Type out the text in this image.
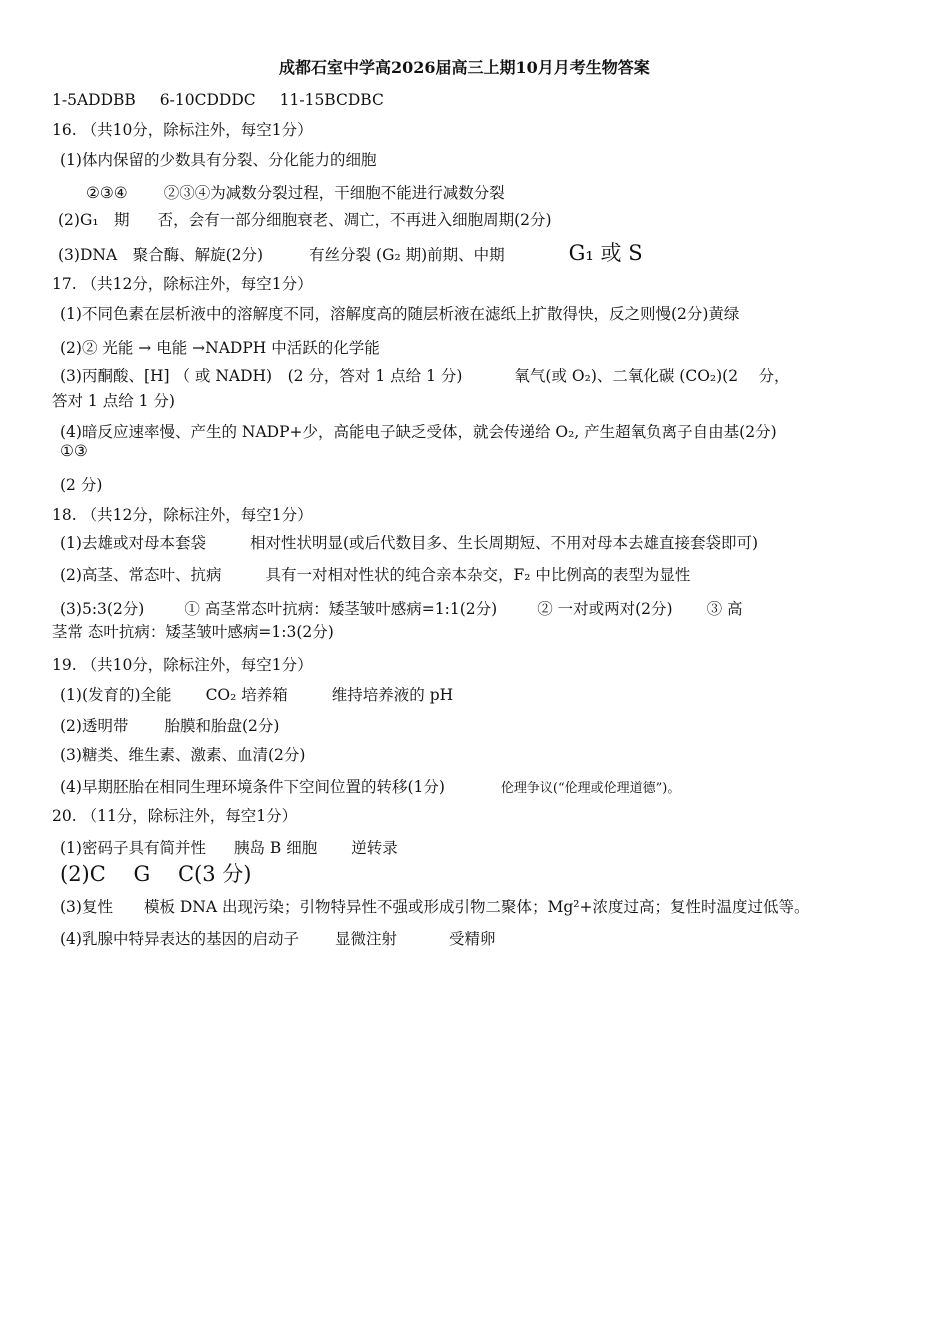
成都石室中学高2026届高三上期10月月考生物答案
1-5ADDBB 6-10CDDDC 11-15BCDBC
16. （共10分，除标注外，每空1分）
(1)体内保留的少数具有分裂、分化能力的细胞
②③④ ②③④为减数分裂过程，干细胞不能进行减数分裂
(2)G₁　期 否，会有一部分细胞衰老、凋亡，不再进入细胞周期(2分)
(3)DNA　聚合酶、解旋(2分)	有丝分裂 (G₂ 期)前期、中期	G₁ 或 S
17. （共12分，除标注外，每空1分）
(1)不同色素在层析液中的溶解度不同，溶解度高的随层析液在滤纸上扩散得快，反之则慢(2分)黄绿
(2)② 光能 → 电能 →NADPH 中活跃的化学能
(3)丙酮酸、[H] （ 或 NADH)　(2 分，答对 1 点给 1 分)	氧气(或 O₂)、二氧化碳 (CO₂)(2　 分，
答对 1 点给 1 分)
(4)暗反应速率慢、产生的 NADP+少，高能电子缺乏受体，就会传递给 O₂, 产生超氧负离子自由基(2分)
①③
(2 分)
18. （共12分，除标注外，每空1分）
(1)去雄或对母本套袋	相对性状明显(或后代数目多、生长周期短、不用对母本去雄直接套袋即可)
(2)高茎、常态叶、抗病	具有一对相对性状的纯合亲本杂交，F₂ 中比例高的表型为显性
(3)5:3(2分)	① 高茎常态叶抗病：矮茎皱叶感病=1:1(2分)	② 一对或两对(2分) ③ 高
茎常 态叶抗病：矮茎皱叶感病=1:3(2分)
19. （共10分，除标注外，每空1分）
(1)(发育的)全能 CO₂ 培养箱	维持培养液的 pH
(2)透明带 胎膜和胎盘(2分)
(3)糖类、维生素、激素、血清(2分)
(4)早期胚胎在相同生理环境条件下空间位置的转移(1分)	伦理争议(“伦理或伦理道德”)。
20. （11分，除标注外，每空1分）
(1)密码子具有简并性 胰岛 B 细胞 逆转录
(2)C　 G　 C(3 分)
(3)复性　　模板 DNA 出现污染；引物特异性不强或形成引物二聚体；Mg²+浓度过高；复性时温度过低等。
(4)乳腺中特异表达的基因的启动子 显微注射	受精卵
